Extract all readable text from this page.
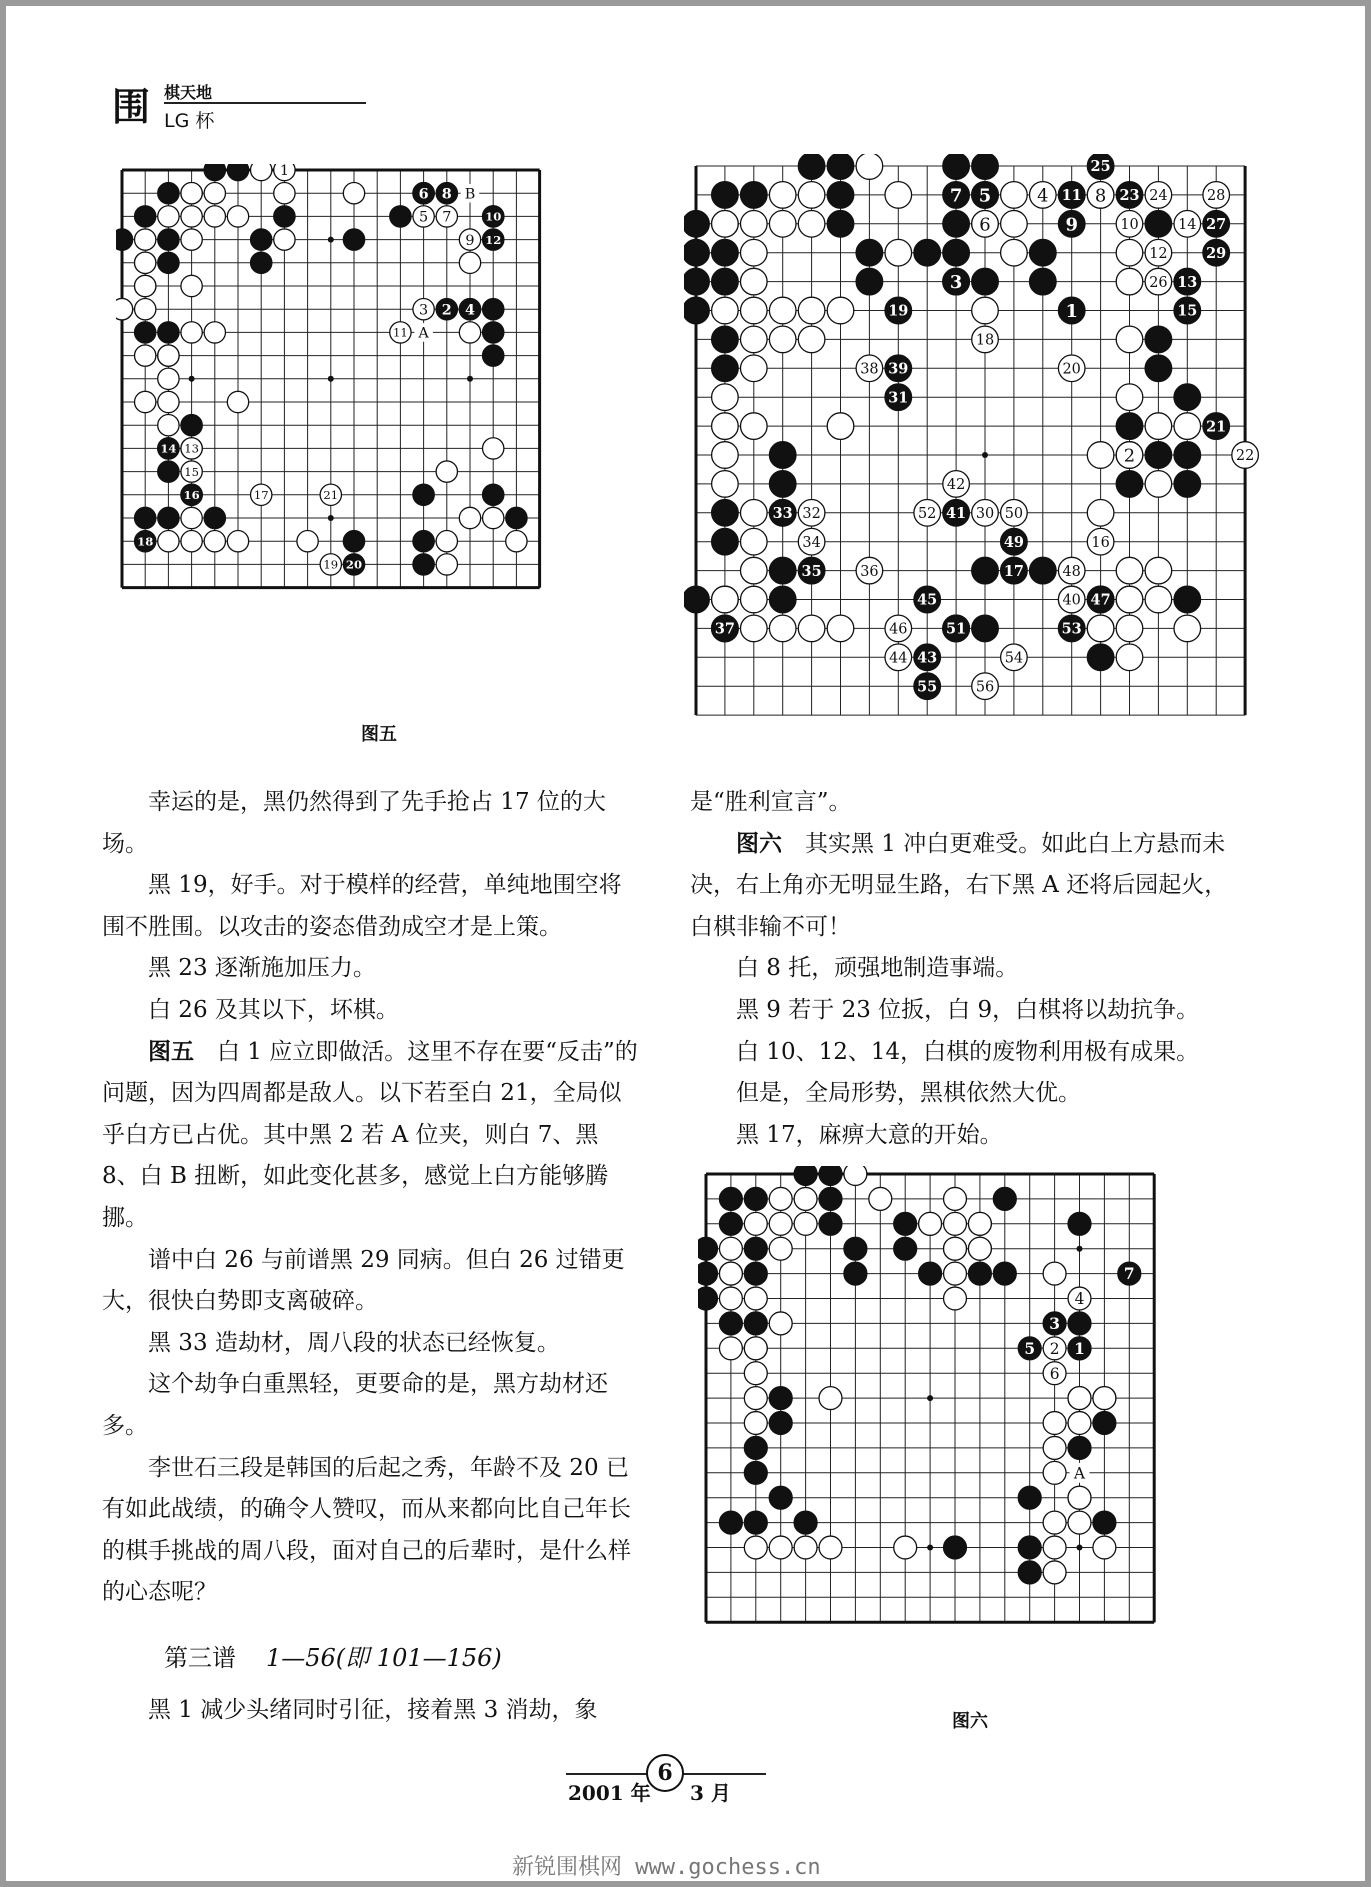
围 棋天地
LG 杯
1
2
3	4
5
6
7
8
9
10
11
12
13
14
15
16	17
18
19 20
21
B
A
图五
1
2
3
4
5
6
7	8
9	10
11
12
13
14
15
16
17
18
19
20
21
22
23 24
25
26
27
28
29
30
31
32
33
34
35	36
37
38 39
40
41
42
43
44
45
46
47
48
49
50
51
52
53
54
55	56
1
2
3
4
5
6
7
A
图六

幸运的是，黑仍然得到了先手抢占 17 位的大场。

黑 19，好手。对于模样的经营，单纯地围空将围不胜围。以攻击的姿态借劲成空才是上策。

黑 23 逐渐施加压力。

白 26 及其以下，坏棋。

图五　白 1 应立即做活。这里不存在要“反击”的问题，因为四周都是敌人。以下若至白 21，全局似乎白方已占优。其中黑 2 若 A 位夹，则白 7、黑 8、白 B 扭断，如此变化甚多，感觉上白方能够腾挪。

谱中白 26 与前谱黑 29 同病。但白 26 过错更大，很快白势即支离破碎。

黑 33 造劫材，周八段的状态已经恢复。

这个劫争白重黑轻，更要命的是，黑方劫材还多。

李世石三段是韩国的后起之秀，年龄不及 20 已有如此战绩，的确令人赞叹，而从来都向比自己年长的棋手挑战的周八段，面对自己的后辈时，是什么样的心态呢？

第三谱 1—56(即 101—156)

黑 1 减少头绪同时引征，接着黑 3 消劫，象

是“胜利宣言”。

图六　其实黑 1 冲白更难受。如此白上方悬而未决，右上角亦无明显生路，右下黑 A 还将后园起火，白棋非输不可！

白 8 托，顽强地制造事端。

黑 9 若于 23 位扳，白 9，白棋将以劫抗争。

白 10、12、14，白棋的废物利用极有成果。

但是，全局形势，黑棋依然大优。

黑 17，麻痹大意的开始。

2001 年
6
3 月
新锐围棋网 www.gochess.cn
